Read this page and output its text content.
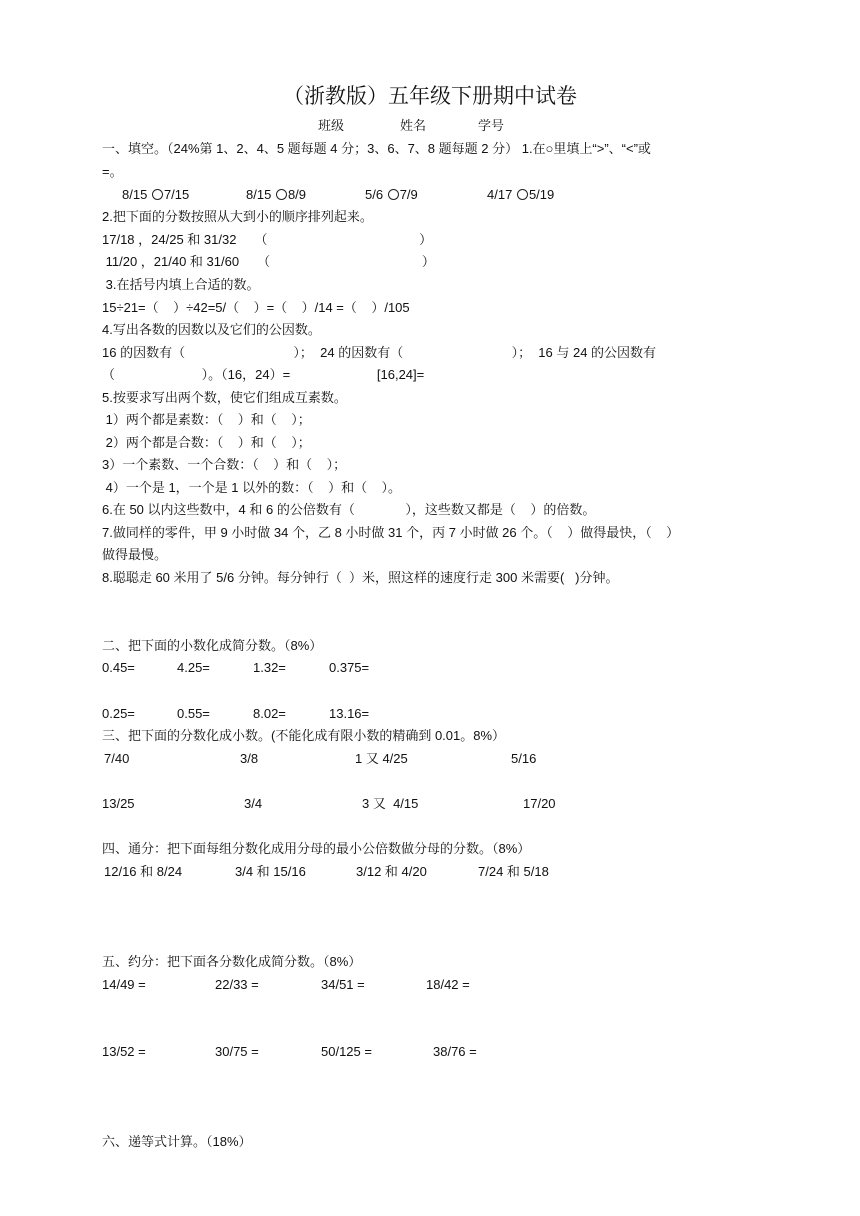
（浙教版）五年级下册期中试卷
班级	姓名	学号
一、填空。（24%第 1、2、4、5 题每题 4 分；3、6、7、8 题每题 2 分） 1.在○里填上“>”、“<”或
=。
8/15 7/15	8/15 8/9	5/6 7/9	4/17 5/19
2.把下面的分数按照从大到小的顺序排列起来。
17/18 ，24/25 和 31/32     （                                          ）
11/20 ，21/40 和 31/60     （                                          ）
3.在括号内填上合适的数。
15÷21=（    ）÷42=5/（    ）=（    ）/14 =（    ）/105
4.写出各数的因数以及它们的公因数。
16 的因数有（                              ）；  24 的因数有（                              ）；  16 与 24 的公因数有
（                        ）。（16，24）=                        [16,24]=
5.按要求写出两个数，使它们组成互素数。
1）两个都是素数：（    ）和（    ）；
2）两个都是合数：（    ）和（    ）；
3）一个素数、一个合数：（    ）和（    ）；
4）一个是 1，一个是 1 以外的数：（    ）和（    ）。
6.在 50 以内这些数中，4 和 6 的公倍数有（              ），这些数又都是（    ）的倍数。
7.做同样的零件，甲 9 小时做 34 个，乙 8 小时做 31 个，丙 7 小时做 26 个。（    ）做得最快，（    ）
做得最慢。
8.聪聪走 60 米用了 5/6 分钟。每分钟行（  ）米，照这样的速度行走 300 米需要(   )分钟。
二、把下面的小数化成简分数。（8%）
0.45=	4.25=	1.32=	0.375=
0.25=	0.55=	8.02=	13.16=
三、把下面的分数化成小数。(不能化成有限小数的精确到 0.01。8%）
7/40	3/8	1 又 4/25	5/16
13/25	3/4	3 又  4/15	17/20
四、通分：把下面每组分数化成用分母的最小公倍数做分母的分数。（8%）
12/16 和 8/24	3/4 和 15/16	3/12 和 4/20	7/24 和 5/18
五、约分：把下面各分数化成简分数。（8%）
14/49 =	22/33 =	34/51 =	18/42 =
13/52 =	30/75 =	50/125 =	38/76 =
六、递等式计算。（18%）
